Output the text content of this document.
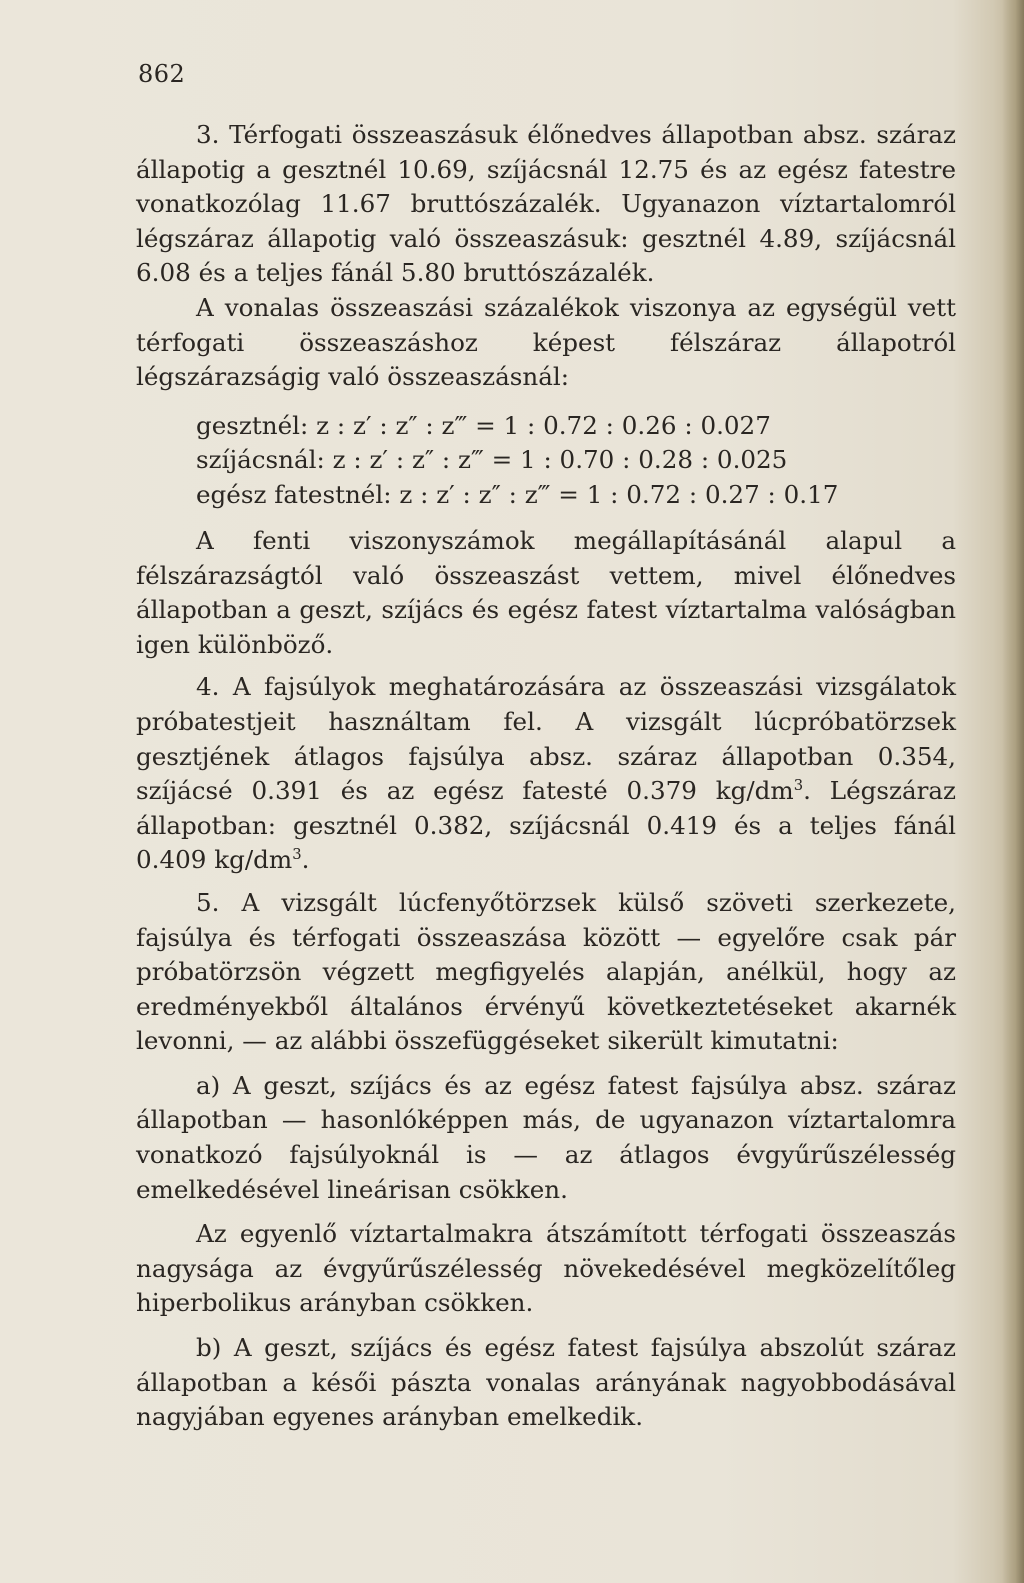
862

3. Térfogati összeaszásuk élőnedves állapotban absz. száraz állapotig a gesztnél 10.69, szíjácsnál 12.75 és az egész fatestre vonatkozólag 11.67 bruttószázalék. Ugyanazon víztartalomról légszáraz állapotig való összeaszásuk: gesztnél 4.89, szíjácsnál 6.08 és a teljes fánál 5.80 bruttószázalék.

A vonalas összeaszási százalékok viszonya az egységül vett térfogati összeaszáshoz képest félszáraz állapotról légszárazságig való összeaszásnál:

gesztnél: z : z′ : z″ : z‴ = 1 : 0.72 : 0.26 : 0.027
szíjácsnál: z : z′ : z″ : z‴ = 1 : 0.70 : 0.28 : 0.025
egész fatestnél: z : z′ : z″ : z‴ = 1 : 0.72 : 0.27 : 0.17

A fenti viszonyszámok megállapításánál alapul a félszárazságtól való összeaszást vettem, mivel élőnedves állapotban a geszt, szíjács és egész fatest víztartalma valóságban igen különböző.

4. A fajsúlyok meghatározására az összeaszási vizsgálatok próbatestjeit használtam fel. A vizsgált lúcpróbatörzsek gesztjének átlagos fajsúlya absz. száraz állapotban 0.354, szíjácsé 0.391 és az egész fatesté 0.379 $kg/dm^3$. Légszáraz állapotban: gesztnél 0.382, szíjácsnál 0.419 és a teljes fánál 0.409 $kg/dm^3$.

5. A vizsgált lúcfenyőtörzsek külső szöveti szerkezete, fajsúlya és térfogati összeaszása között — egyelőre csak pár próbatörzsön végzett megfigyelés alapján, anélkül, hogy az eredményekből általános érvényű következtetéseket akarnék levonni, — az alábbi összefüggéseket sikerült kimutatni:

a) A geszt, szíjács és az egész fatest fajsúlya absz. száraz állapotban — hasonlóképpen más, de ugyanazon víztartalomra vonatkozó fajsúlyoknál is — az átlagos évgyűrűszélesség emelkedésével lineárisan csökken.

Az egyenlő víztartalmakra átszámított térfogati összeaszás nagysága az évgyűrűszélesség növekedésével megközelítőleg hiperbolikus arányban csökken.

b) A geszt, szíjács és egész fatest fajsúlya abszolút száraz állapotban a késői pászta vonalas arányának nagyobbodásával nagyjában egyenes arányban emelkedik.
